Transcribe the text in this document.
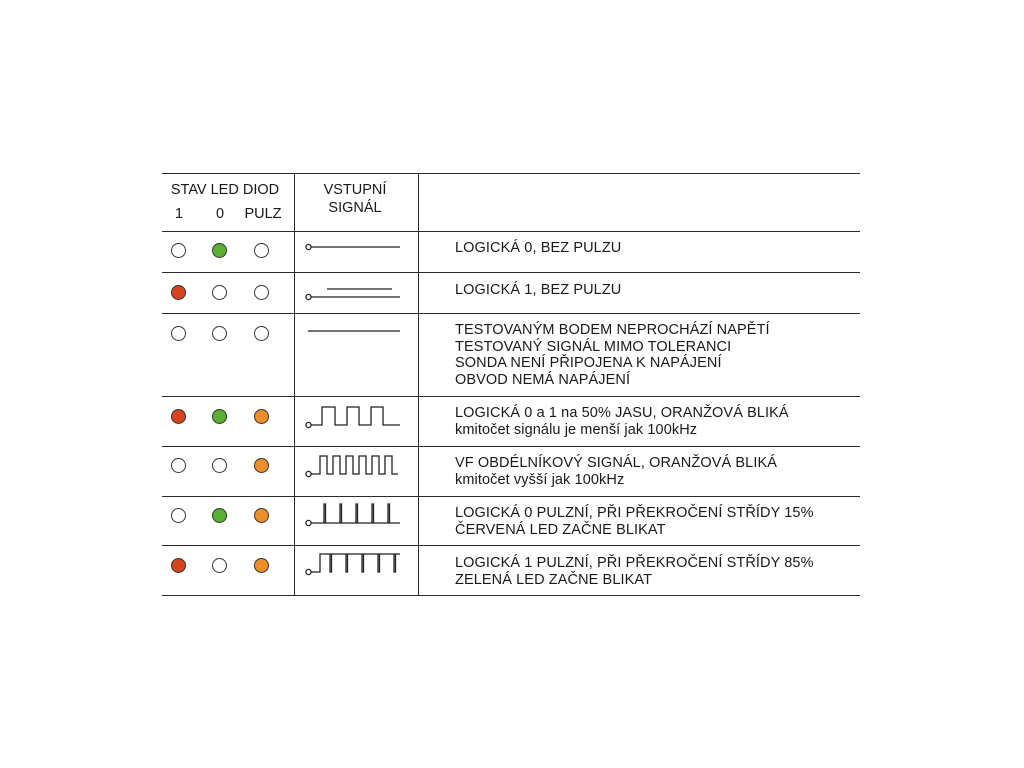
STAV LED DIOD
1	0	PULZ
VSTUPNÍ
SIGNÁL
LOGICKÁ 0, BEZ PULZU
LOGICKÁ 1, BEZ PULZU
TESTOVANÝM BODEM NEPROCHÁZÍ NAPĚTÍ
TESTOVANÝ SIGNÁL MIMO TOLERANCI
SONDA NENÍ PŘIPOJENA K NAPÁJENÍ
OBVOD NEMÁ NAPÁJENÍ
LOGICKÁ 0 a 1 na 50% JASU, ORANŽOVÁ BLIKÁ
kmitočet signálu je menší jak 100kHz
VF OBDÉLNÍKOVÝ SIGNÁL, ORANŽOVÁ BLIKÁ
kmitočet vyšší jak 100kHz
LOGICKÁ 0 PULZNÍ, PŘI PŘEKROČENÍ STŘÍDY 15%
ČERVENÁ LED ZAČNE BLIKAT
LOGICKÁ 1 PULZNÍ, PŘI PŘEKROČENÍ STŘÍDY 85%
ZELENÁ LED ZAČNE BLIKAT
